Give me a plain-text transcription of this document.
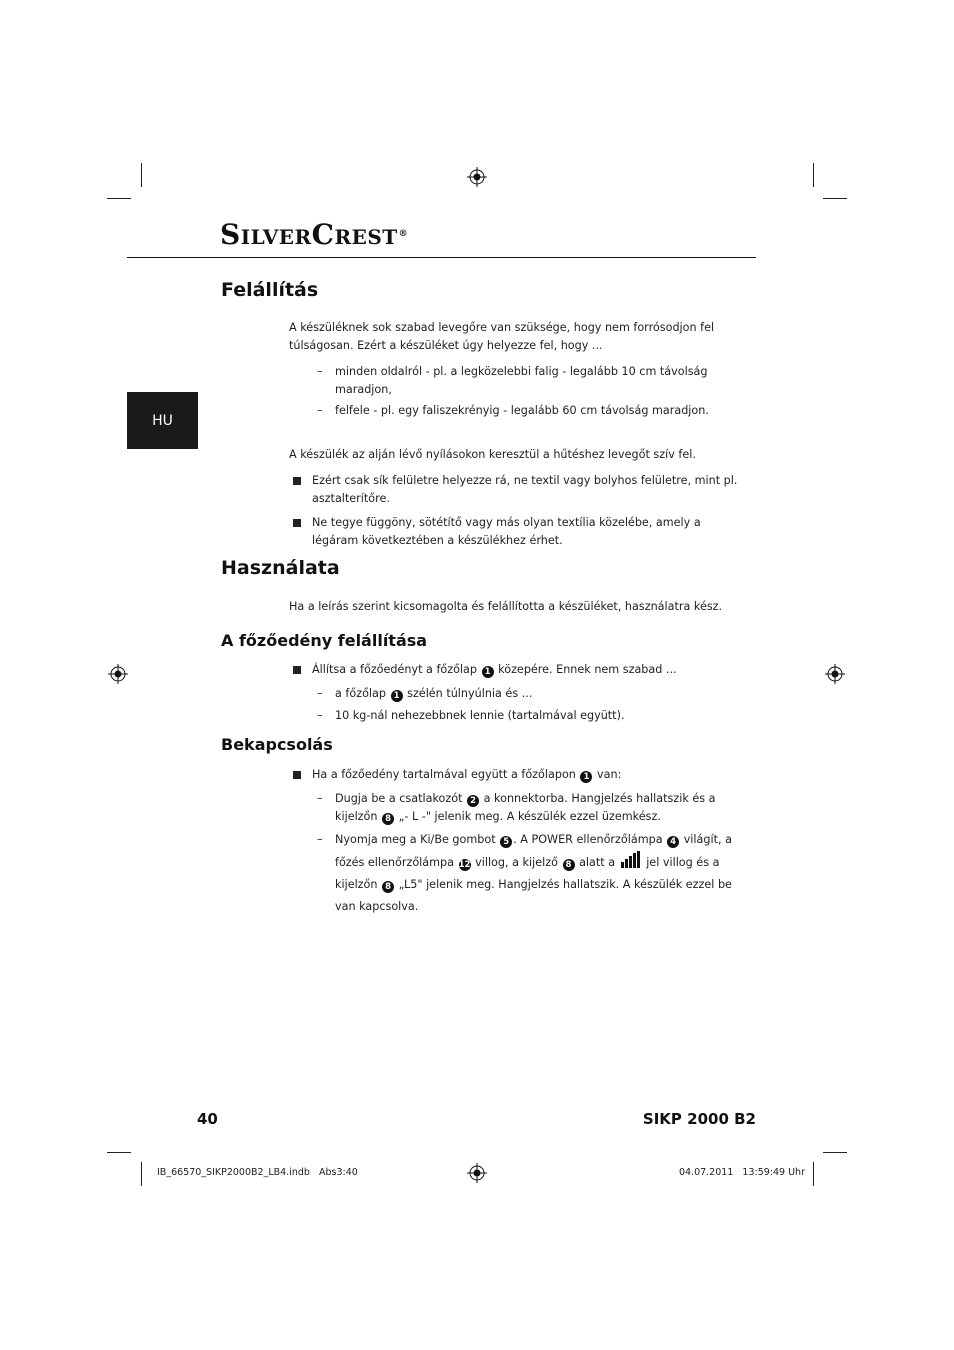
SILVERCREST®
HU
Felállítás

A készüléknek sok szabad levegőre van szüksége, hogy nem forrósodjon fel túlságosan. Ezért a készüléket úgy helyezze fel, hogy ...

– minden oldalról - pl. a legközelebbi falig - legalább 10 cm távolság maradjon,
– felfele - pl. egy faliszekrényig - legalább 60 cm távolság maradjon.

A készülék az alján lévő nyílásokon keresztül a hűtéshez levegőt szív fel.

Ezért csak sík felületre helyezze rá, ne textil vagy bolyhos felületre, mint pl. asztalterítőre.
Ne tegye függöny, sötétítő vagy más olyan textília közelébe, amely a légáram következtében a készülékhez érhet.
Használata

Ha a leírás szerint kicsomagolta és felállította a készüléket, használatra kész.

A főzőedény felállítása
Állítsa a főzőedényt a főzőlap 1 közepére. Ennek nem szabad ...
– a főzőlap 1 szélén túlnyúlnia és ...
– 10 kg-nál nehezebbnek lennie (tartalmával együtt).
Bekapcsolás
Ha a főzőedény tartalmával együtt a főzőlapon 1 van:
– Dugja be a csatlakozót 2 a konnektorba. Hangjelzés hallatszik és a kijelzőn 8 „- L -" jelenik meg. A készülék ezzel üzemkész.
– Nyomja meg a Ki/Be gombot 5 . A POWER ellenőrzőlámpa 4 világít, a főzés ellenőrzőlámpa 12 villog, a kijelző 8 alatt a	jel villog és a kijelzőn 8 „L5" jelenik meg. Hangjelzés hallatszik. A készülék ezzel be van kapcsolva.
40	SIKP 2000 B2
IB_66570_SIKP2000B2_LB4.indb   Abs3:40	04.07.2011   13:59:49 Uhr
